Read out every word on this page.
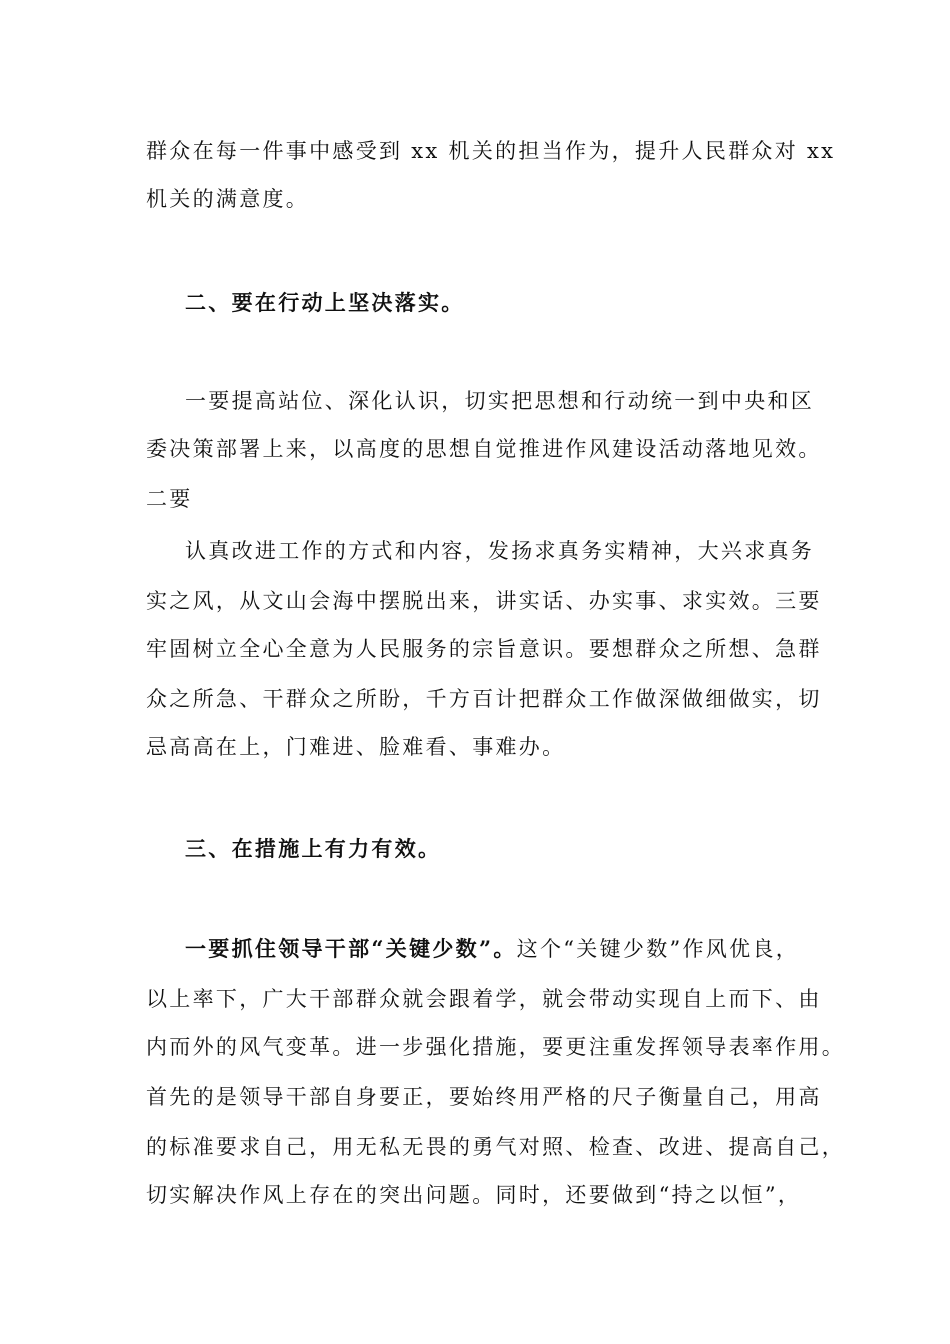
群众在每一件事中感受到 xx 机关的担当作为，提升人民群众对 xx
机关的满意度。
二、要在行动上坚决落实。
一要提高站位、深化认识，切实把思想和行动统一到中央和区
委决策部署上来，以高度的思想自觉推进作风建设活动落地见效。
二要
认真改进工作的方式和内容，发扬求真务实精神，大兴求真务
实之风，从文山会海中摆脱出来，讲实话、办实事、求实效。三要
牢固树立全心全意为人民服务的宗旨意识。要想群众之所想、急群
众之所急、干群众之所盼，千方百计把群众工作做深做细做实，切
忌高高在上，门难进、脸难看、事难办。
三、在措施上有力有效。
一要抓住领导干部“关键少数”。这个“关键少数”作风优良，
以上率下，广大干部群众就会跟着学，就会带动实现自上而下、由
内而外的风气变革。进一步强化措施，要更注重发挥领导表率作用。
首先的是领导干部自身要正，要始终用严格的尺子衡量自己，用高
的标准要求自己，用无私无畏的勇气对照、检查、改进、提高自己，
切实解决作风上存在的突出问题。同时，还要做到“持之以恒”，
